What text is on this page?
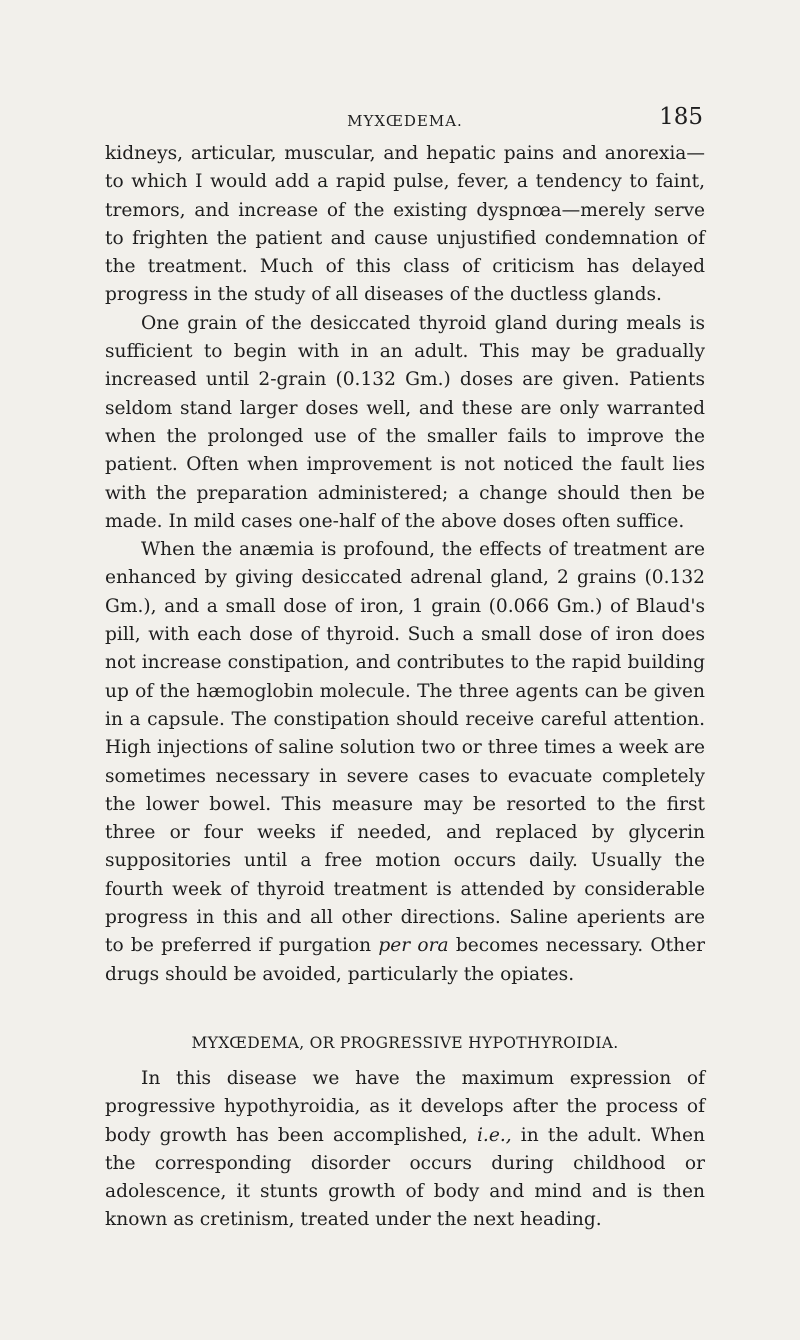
MYXŒDEMA.	185

kidneys, articular, muscular, and hepatic pains and anorexia—to which I would add a rapid pulse, fever, a tendency to faint, tremors, and increase of the existing dyspnœa—merely serve to frighten the patient and cause unjustified condemnation of the treatment. Much of this class of criticism has delayed progress in the study of all diseases of the ductless glands.

One grain of the desiccated thyroid gland during meals is sufficient to begin with in an adult. This may be gradually increased until 2-grain (0.132 Gm.) doses are given. Patients seldom stand larger doses well, and these are only warranted when the prolonged use of the smaller fails to improve the patient. Often when improvement is not noticed the fault lies with the preparation administered; a change should then be made. In mild cases one-half of the above doses often suffice.

When the anæmia is profound, the effects of treatment are enhanced by giving desiccated adrenal gland, 2 grains (0.132 Gm.), and a small dose of iron, 1 grain (0.066 Gm.) of Blaud's pill, with each dose of thyroid. Such a small dose of iron does not increase constipation, and contributes to the rapid building up of the hæmoglobin molecule. The three agents can be given in a capsule. The constipation should receive careful attention. High injections of saline solution two or three times a week are sometimes necessary in severe cases to evacuate completely the lower bowel. This measure may be resorted to the first three or four weeks if needed, and replaced by glycerin suppositories until a free motion occurs daily. Usually the fourth week of thyroid treatment is attended by considerable progress in this and all other directions. Saline aperients are to be preferred if purgation per ora becomes necessary. Other drugs should be avoided, particularly the opiates.

MYXŒDEMA, OR PROGRESSIVE HYPOTHYROIDIA.

In this disease we have the maximum expression of progressive hypothyroidia, as it develops after the process of body growth has been accomplished, i.e., in the adult. When the corresponding disorder occurs during childhood or adolescence, it stunts growth of body and mind and is then known as cretinism, treated under the next heading.
